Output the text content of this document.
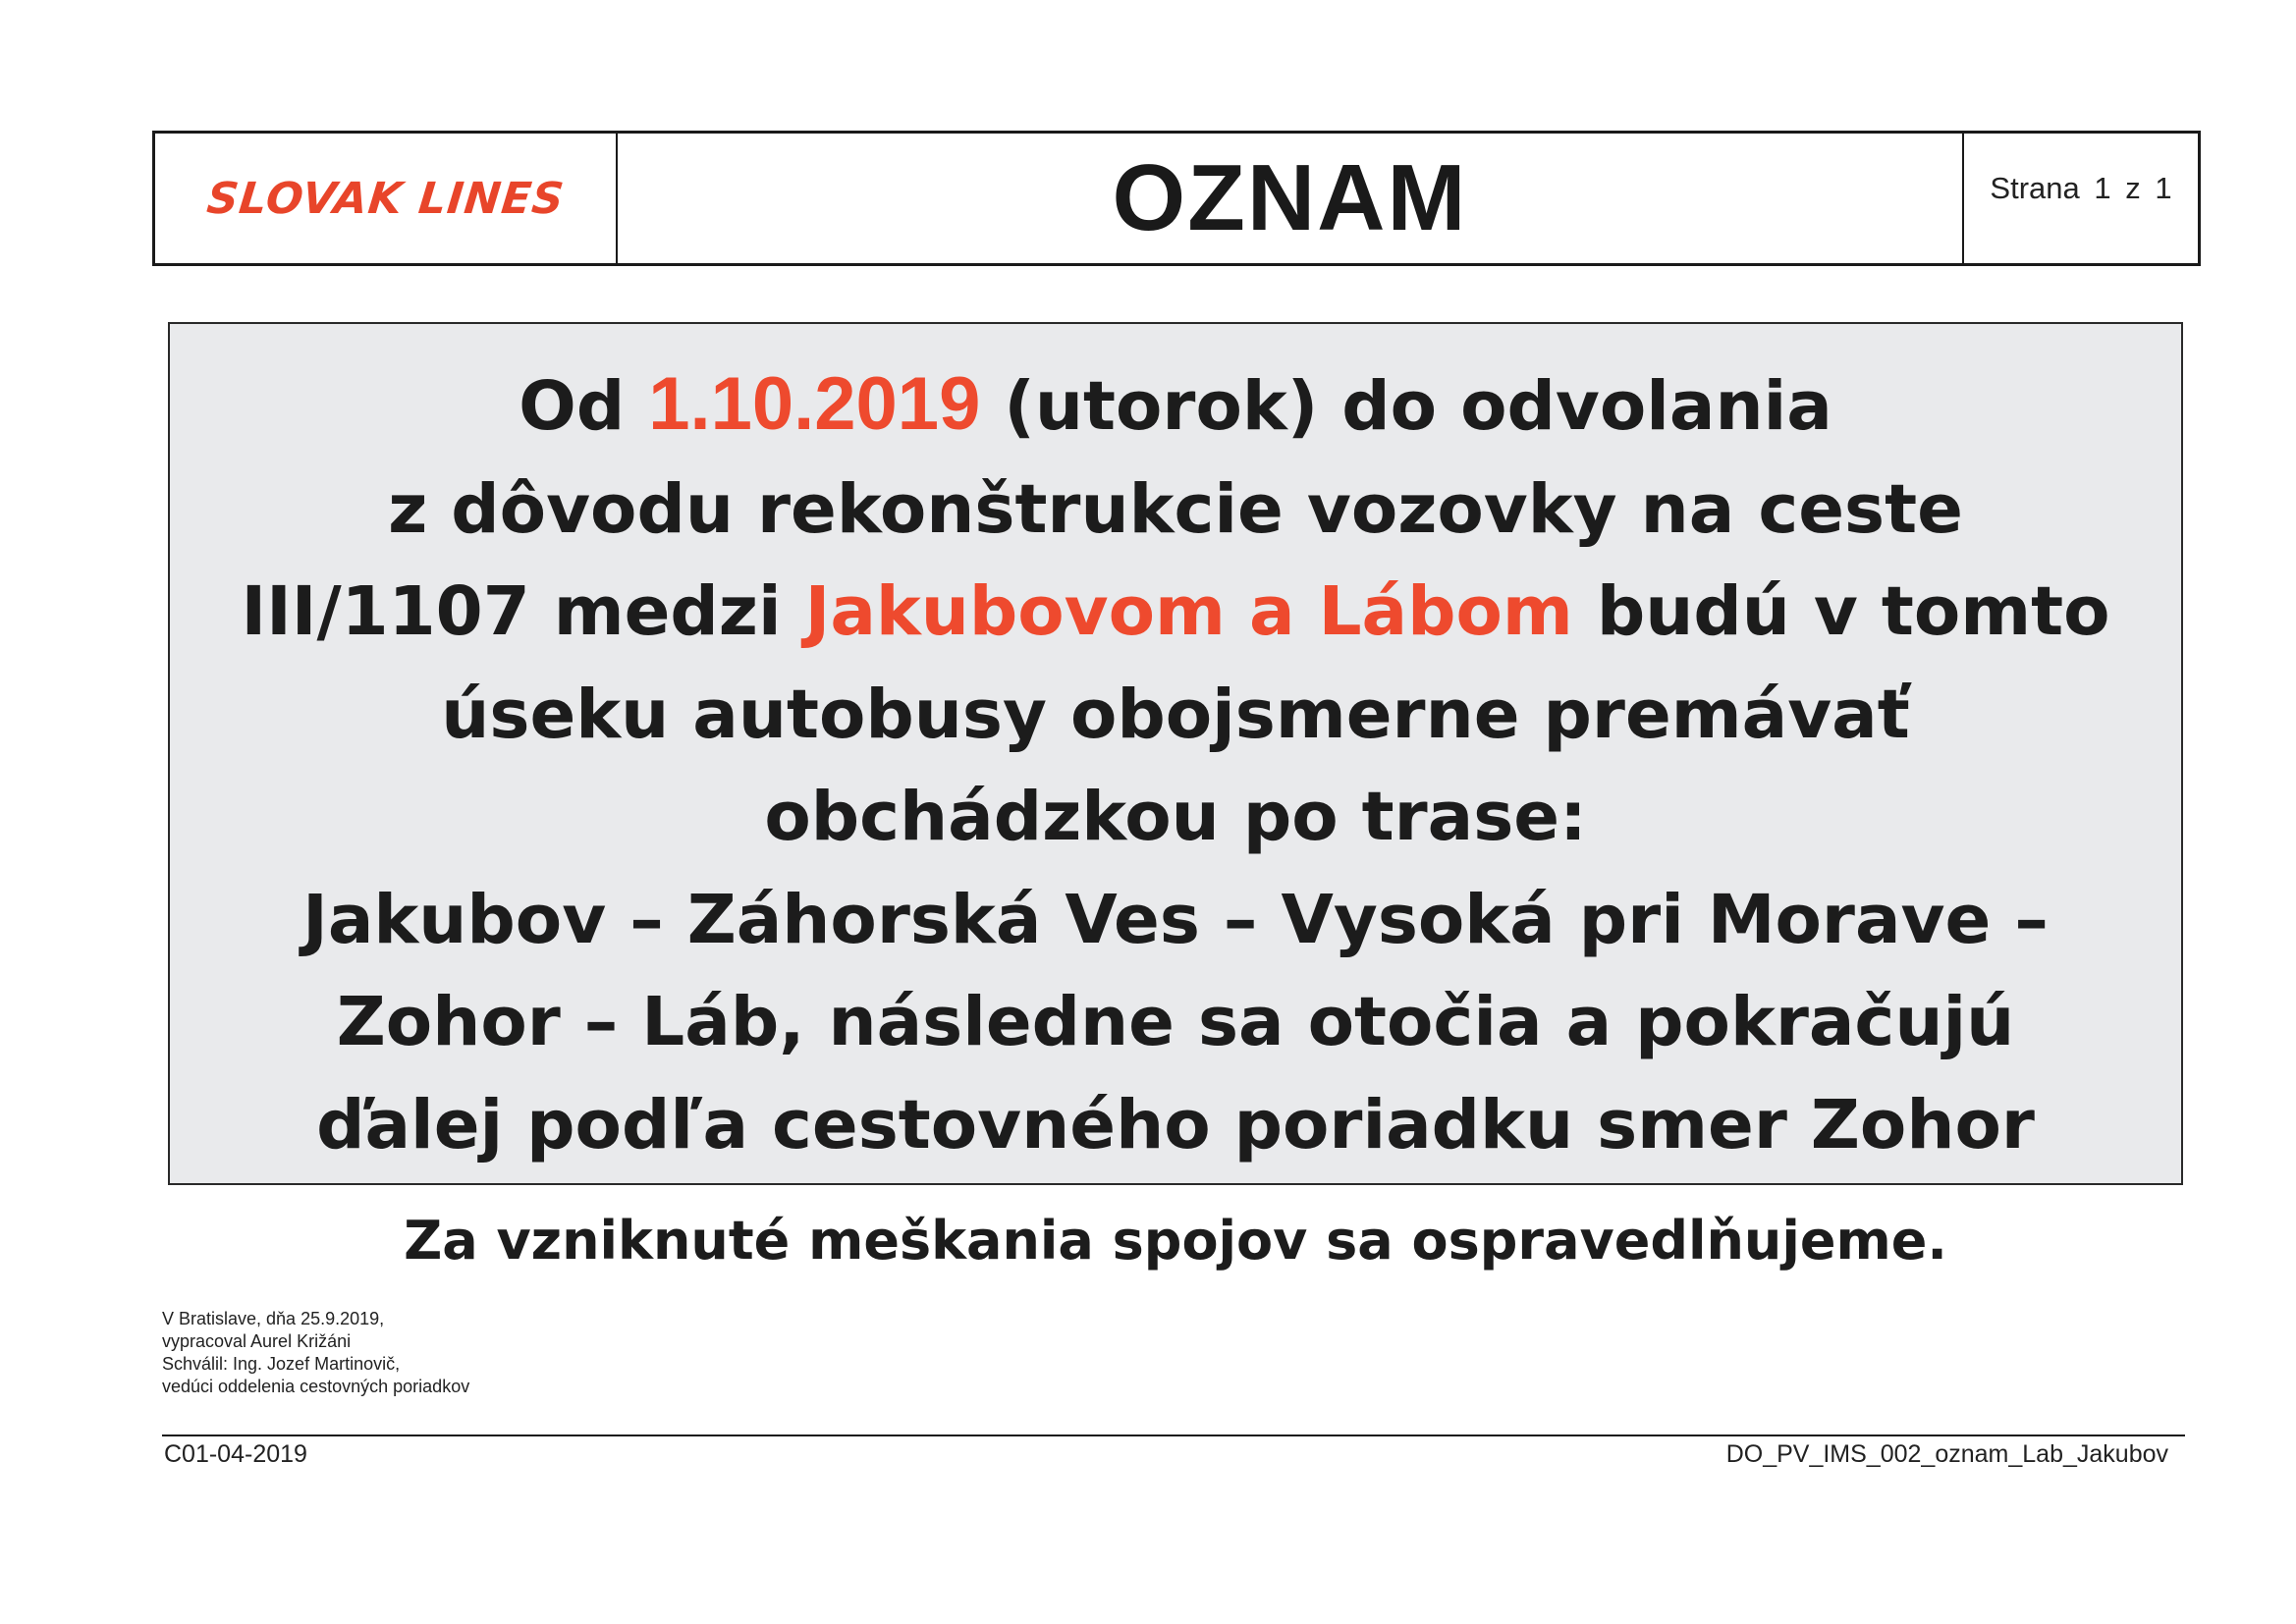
SLOVAK LINES	OZNAM	Strana 1 z 1
Od 1.10.2019 (utorok) do odvolania
z dôvodu rekonštrukcie vozovky na ceste
III/1107 medzi Jakubovom a Lábom budú v tomto
úseku autobusy obojsmerne premávať
obchádzkou po trase:
Jakubov – Záhorská Ves – Vysoká pri Morave –
Zohor – Láb, následne sa otočia a pokračujú
ďalej podľa cestovného poriadku smer Zohor
Za vzniknuté meškania spojov sa ospravedlňujeme.
V Bratislave, dňa 25.9.2019,
vypracoval Aurel Križáni
Schválil: Ing. Jozef Martinovič,
vedúci oddelenia cestovných poriadkov
C01-04-2019	DO_PV_IMS_002_oznam_Lab_Jakubov
